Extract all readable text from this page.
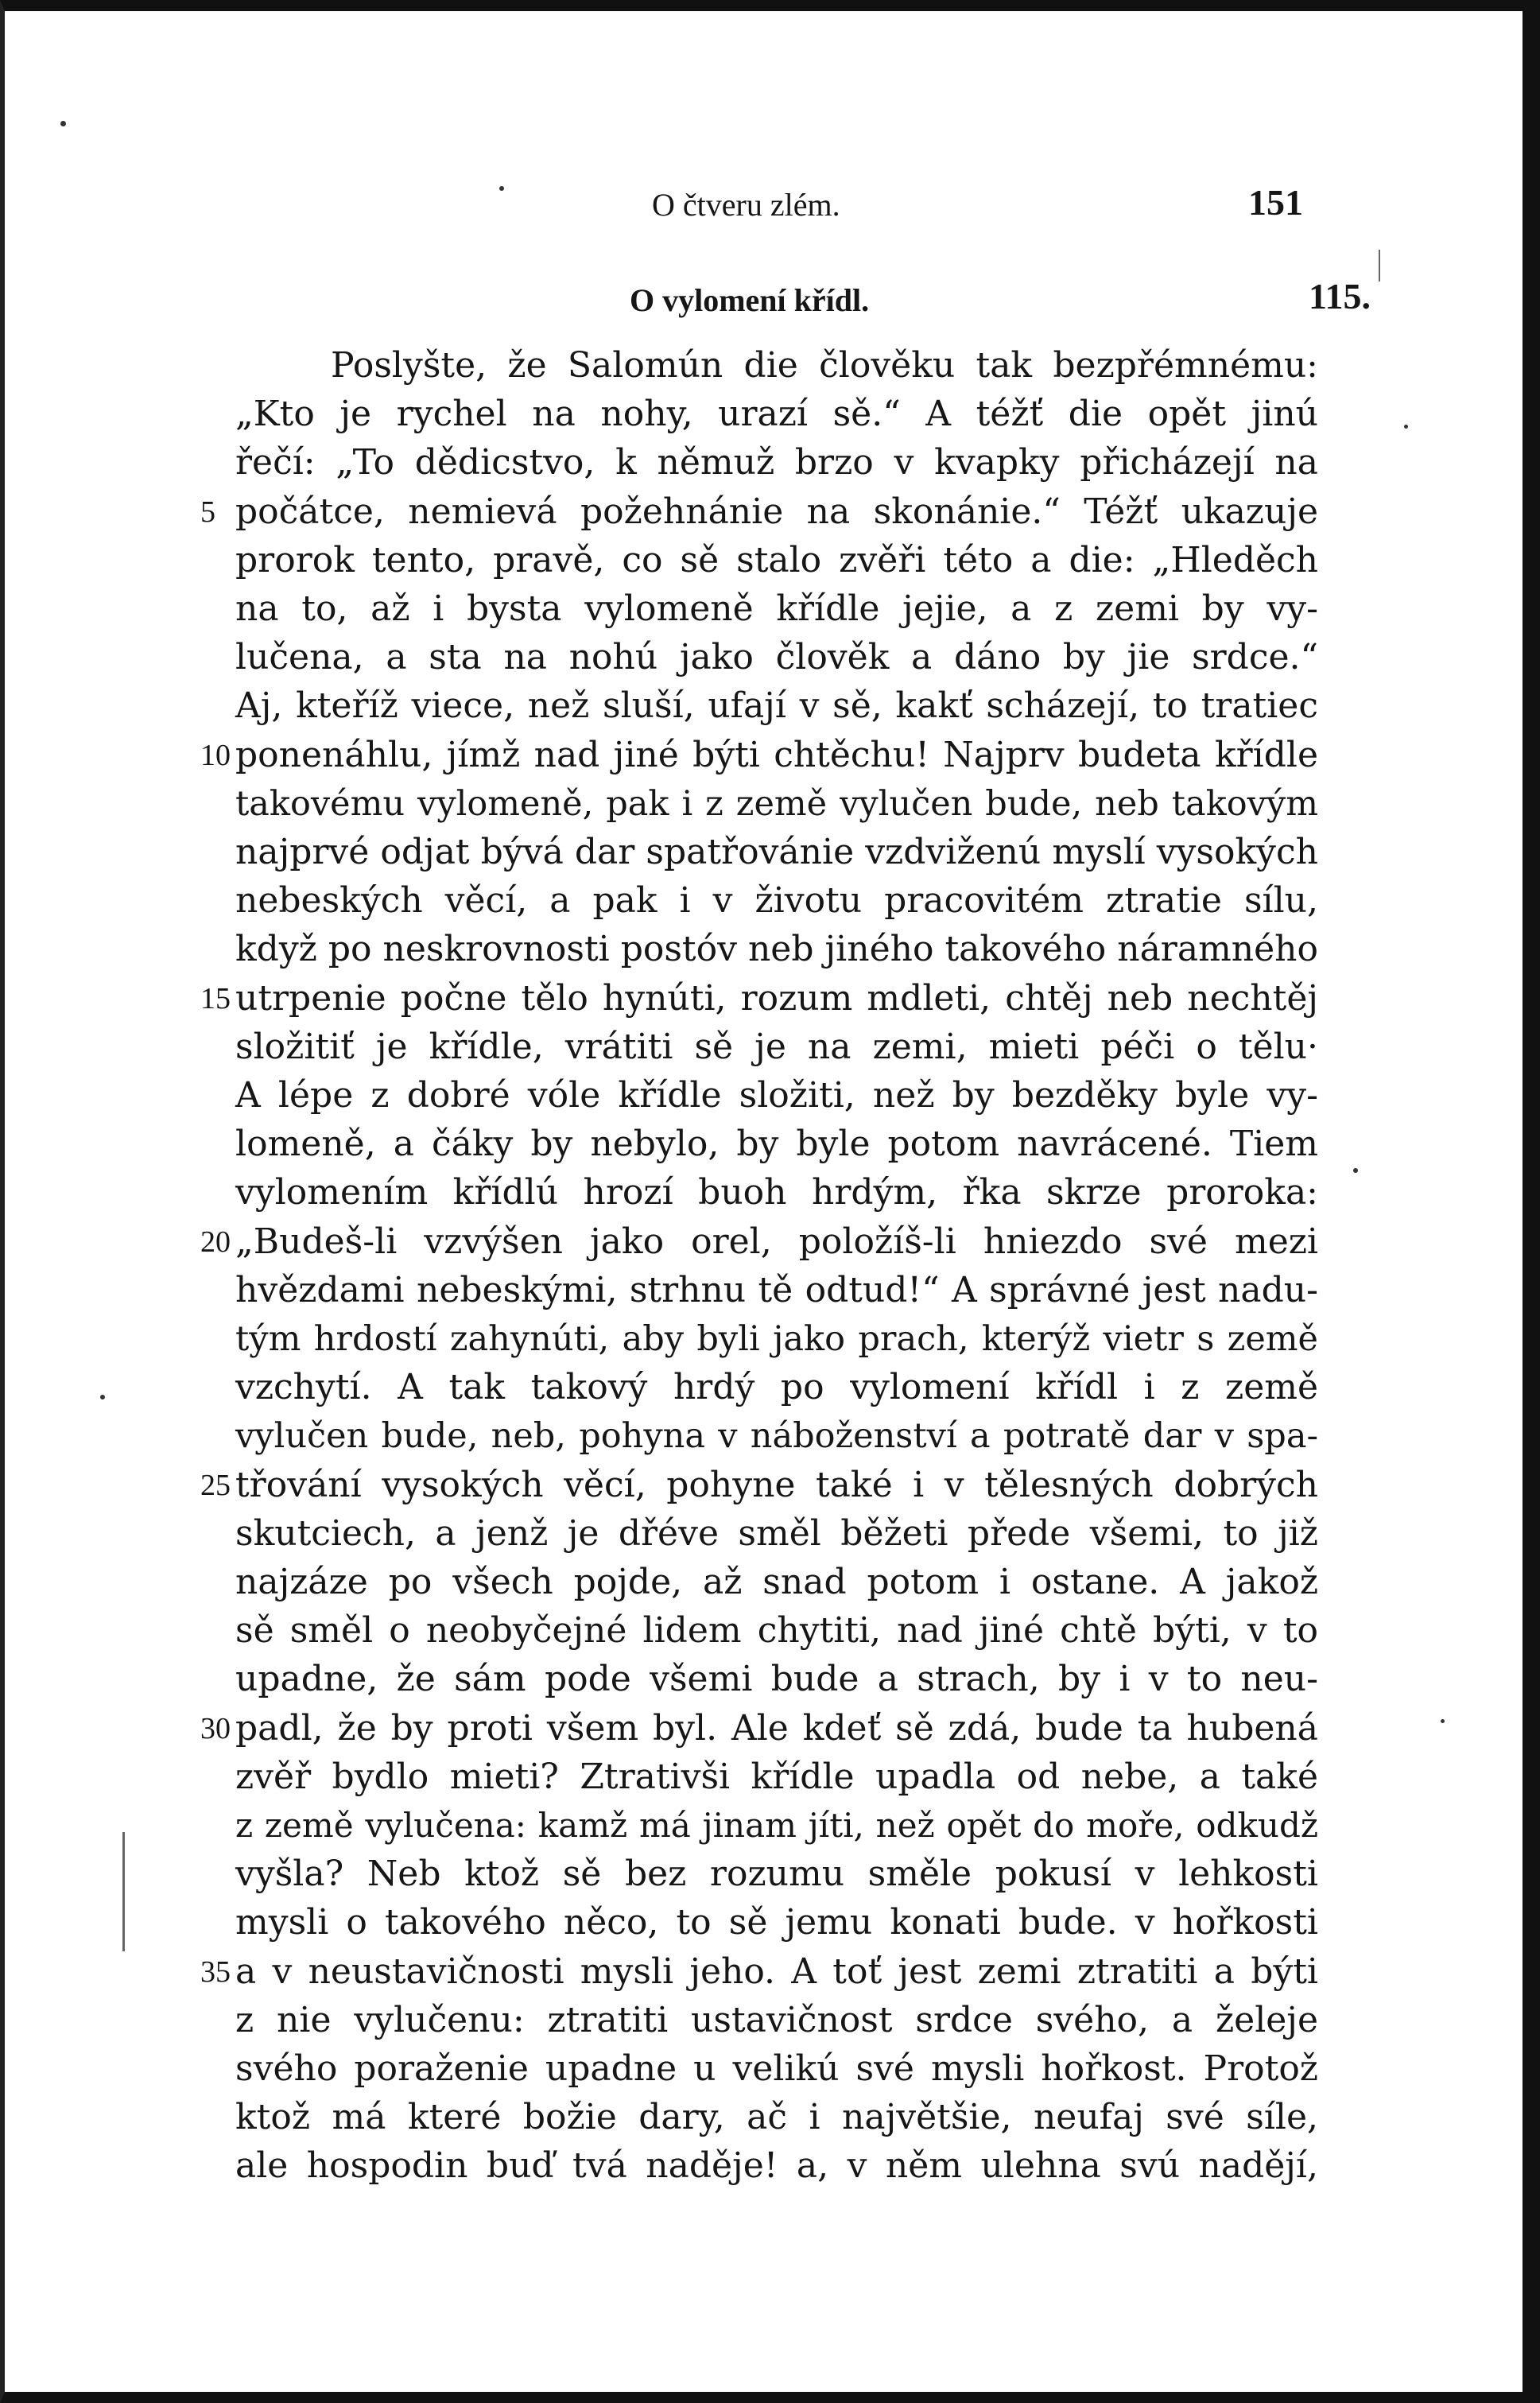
O čtveru zlém.	151
O vylomení křídl.	115.
Poslyšte, že Salomún die člověku tak bezpřémnému:
„Kto je rychel na nohy, urazí sě.“ A téžť die opět jinú
řečí: „To dědicstvo, k němuž brzo v kvapky přicházejí na
5 počátce, nemievá požehnánie na skonánie.“ Téžť ukazuje
prorok tento, pravě, co sě stalo zvěři této a die: „Hleděch
na to, až i bysta vylomeně křídle jejie, a z zemi by vy-
lučena, a sta na nohú jako člověk a dáno by jie srdce.“
Aj, kteříž viece, než sluší, ufají v sě, kakť scházejí, to tratiec
10 ponenáhlu, jímž nad jiné býti chtěchu! Najprv budeta křídle
takovému vylomeně, pak i z země vylučen bude, neb takovým
najprvé odjat bývá dar spatřovánie vzdviženú myslí vysokých
nebeských věcí, a pak i v životu pracovitém ztratie sílu,
když po neskrovnosti postóv neb jiného takového náramného
15 utrpenie počne tělo hynúti, rozum mdleti, chtěj neb nechtěj
složitiť je křídle, vrátiti sě je na zemi, mieti péči o tělu·
A lépe z dobré vóle křídle složiti, než by bezděky byle vy-
lomeně, a čáky by nebylo, by byle potom navrácené. Tiem
vylomením křídlú hrozí buoh hrdým, řka skrze proroka:
20 „Budeš-li vzvýšen jako orel, položíš-li hniezdo své mezi
hvězdami nebeskými, strhnu tě odtud!“ A správné jest nadu-
tým hrdostí zahynúti, aby byli jako prach, kterýž vietr s země
vzchytí. A tak takový hrdý po vylomení křídl i z země
vylučen bude, neb, pohyna v náboženství a potratě dar v spa-
25 třování vysokých věcí, pohyne také i v tělesných dobrých
skutciech, a jenž je dřéve směl běžeti přede všemi, to již
najzáze po všech pojde, až snad potom i ostane. A jakož
sě směl o neobyčejné lidem chytiti, nad jiné chtě býti, v to
upadne, že sám pode všemi bude a strach, by i v to neu-
30 padl, že by proti všem byl. Ale kdeť sě zdá, bude ta hubená
zvěř bydlo mieti? Ztrativši křídle upadla od nebe, a také
z země vylučena: kamž má jinam jíti, než opět do moře, odkudž
vyšla? Neb ktož sě bez rozumu směle pokusí v lehkosti
mysli o takového něco, to sě jemu konati bude. v hořkosti
35 a v neustavičnosti mysli jeho. A toť jest zemi ztratiti a býti
z nie vylučenu: ztratiti ustavičnost srdce svého, a želeje
svého poraženie upadne u velikú své mysli hořkost. Protož
ktož má které božie dary, ač i najvětšie, neufaj své síle,
ale hospodin buď tvá naděje! a, v něm ulehna svú nadějí,
